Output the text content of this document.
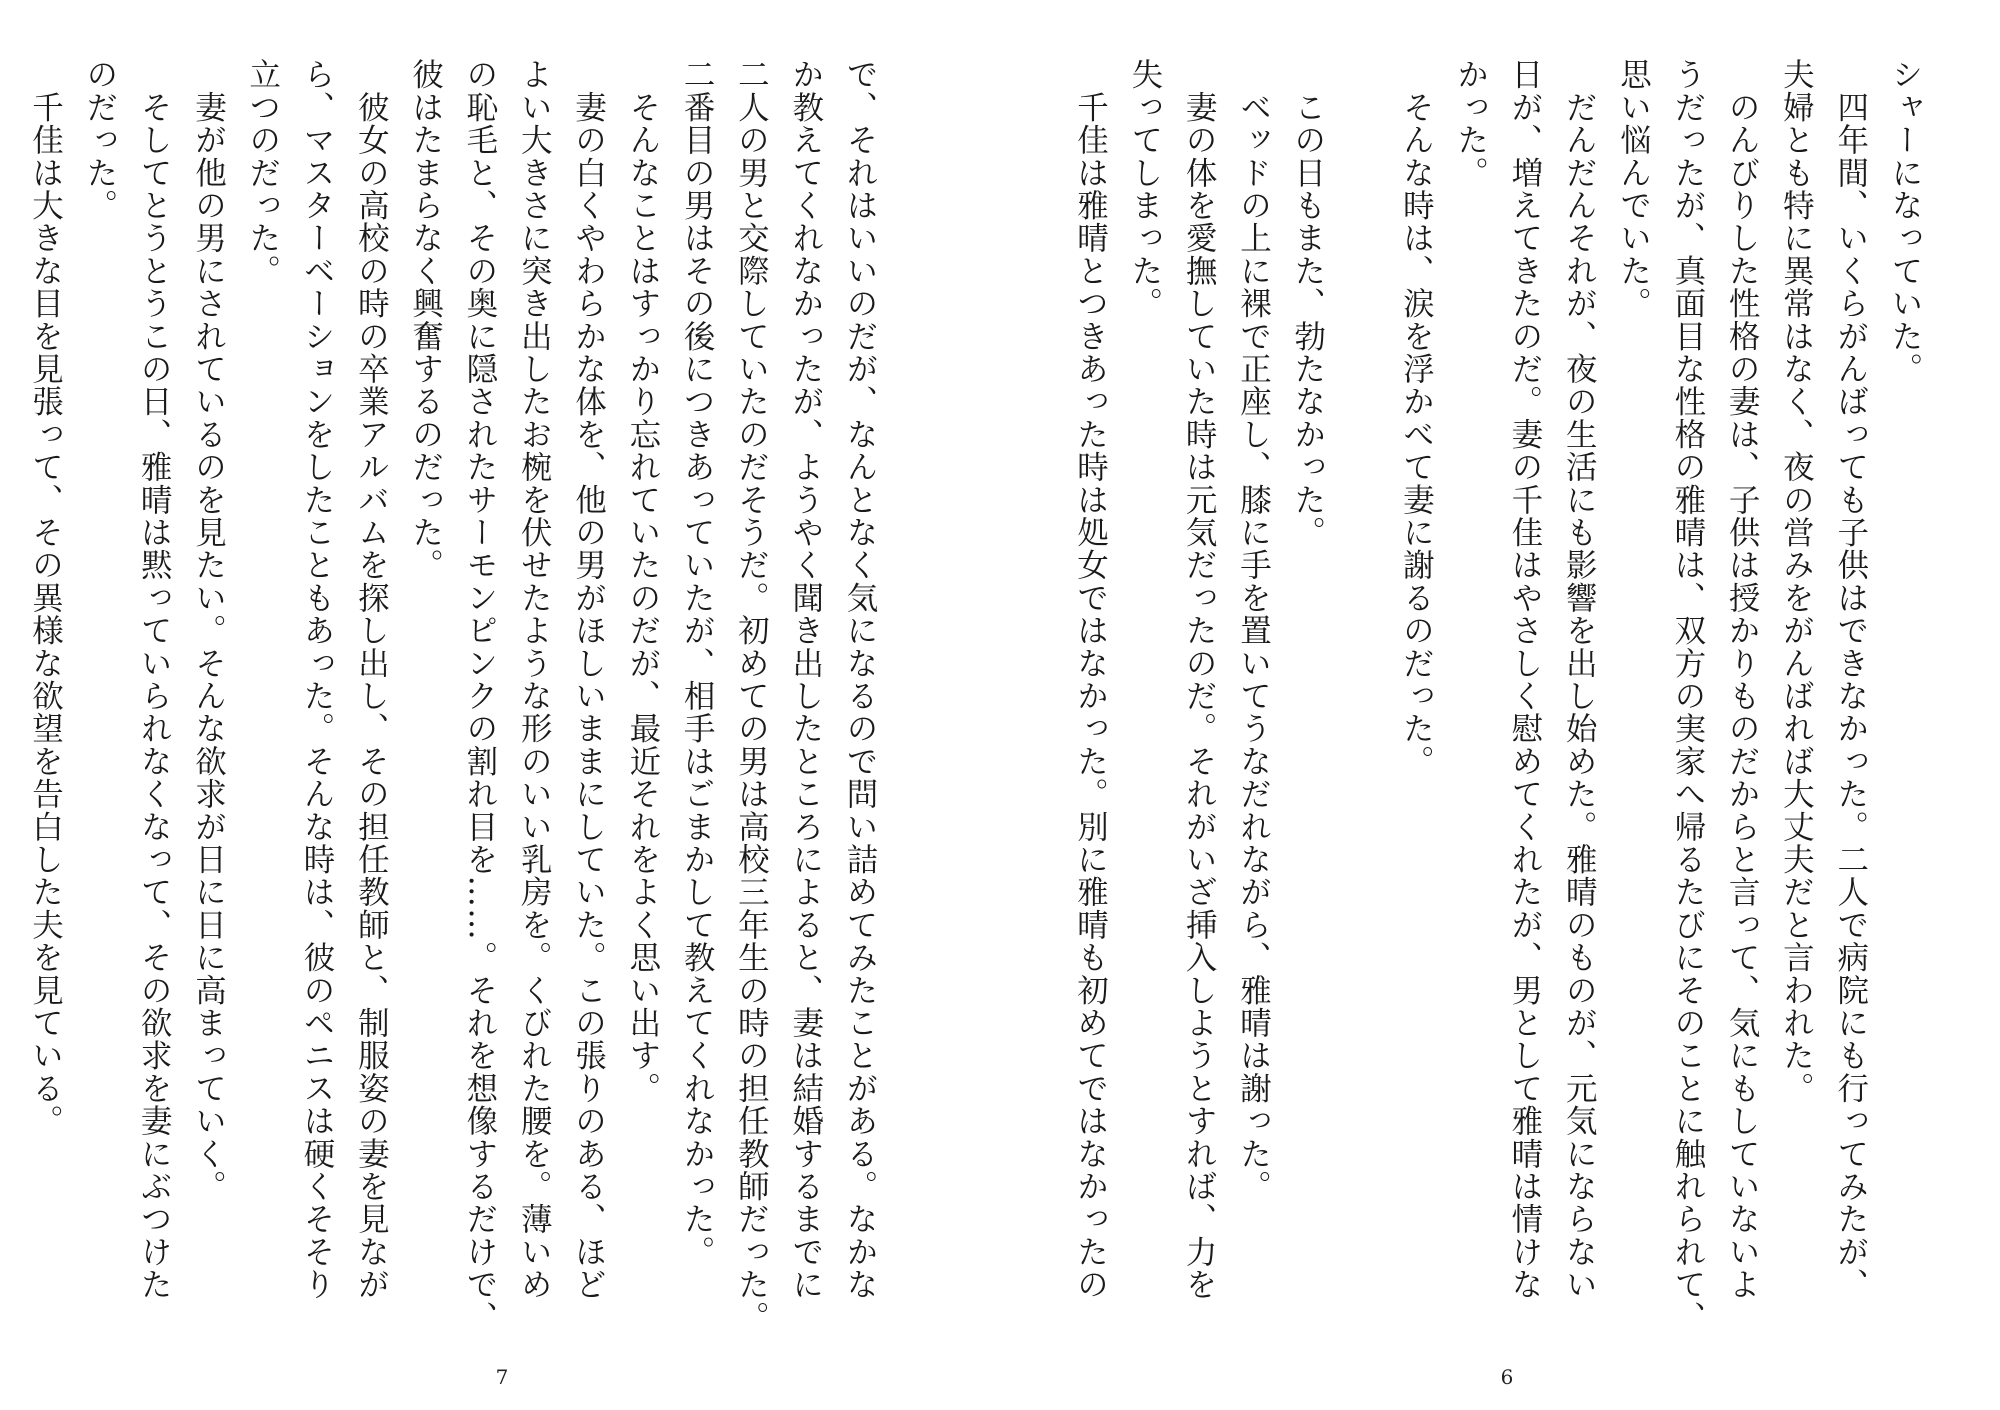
で、それはいいのだが、なんとなく気になるので問い詰めてみたことがある。なかな

か教えてくれなかったが、ようやく聞き出したところによると、妻は結婚するまでに

二人の男と交際していたのだそうだ。初めての男は高校三年生の時の担任教師だった。

二番目の男はその後につきあっていたが、相手はごまかして教えてくれなかった。

　そんなことはすっかり忘れていたのだが、最近それをよく思い出す。

　妻の白くやわらかな体を、他の男がほしいままにしていた。この張りのある、ほど

よい大きさに突き出したお椀を伏せたような形のいい乳房を。くびれた腰を。薄いめ

の恥毛と、その奥に隠されたサーモンピンクの割れ目を……。それを想像するだけで、

彼はたまらなく興奮するのだった。

　彼女の高校の時の卒業アルバムを探し出し、その担任教師と、制服姿の妻を見なが

ら、マスターベーションをしたこともあった。そんな時は、彼のペニスは硬くそそり

立つのだった。

　妻が他の男にされているのを見たい。そんな欲求が日に日に高まっていく。

　そしてとうとうこの日、雅晴は黙っていられなくなって、その欲求を妻にぶつけた

のだった。

　千佳は大きな目を見張って、その異様な欲望を告白した夫を見ている。

7

シャーになっていた。

　四年間、いくらがんばっても子供はできなかった。二人で病院にも行ってみたが、

夫婦とも特に異常はなく、夜の営みをがんばれば大丈夫だと言われた。

　のんびりした性格の妻は、子供は授かりものだからと言って、気にもしていないよ

うだったが、真面目な性格の雅晴は、双方の実家へ帰るたびにそのことに触れられて、

思い悩んでいた。

　だんだんそれが、夜の生活にも影響を出し始めた。雅晴のものが、元気にならない

日が、増えてきたのだ。妻の千佳はやさしく慰めてくれたが、男として雅晴は情けな

かった。

　そんな時は、涙を浮かべて妻に謝るのだった。

　この日もまた、勃たなかった。

　ベッドの上に裸で正座し、膝に手を置いてうなだれながら、雅晴は謝った。

　妻の体を愛撫していた時は元気だったのだ。それがいざ挿入しようとすれば、力を

失ってしまった。

　千佳は雅晴とつきあった時は処女ではなかった。別に雅晴も初めてではなかったの

6
